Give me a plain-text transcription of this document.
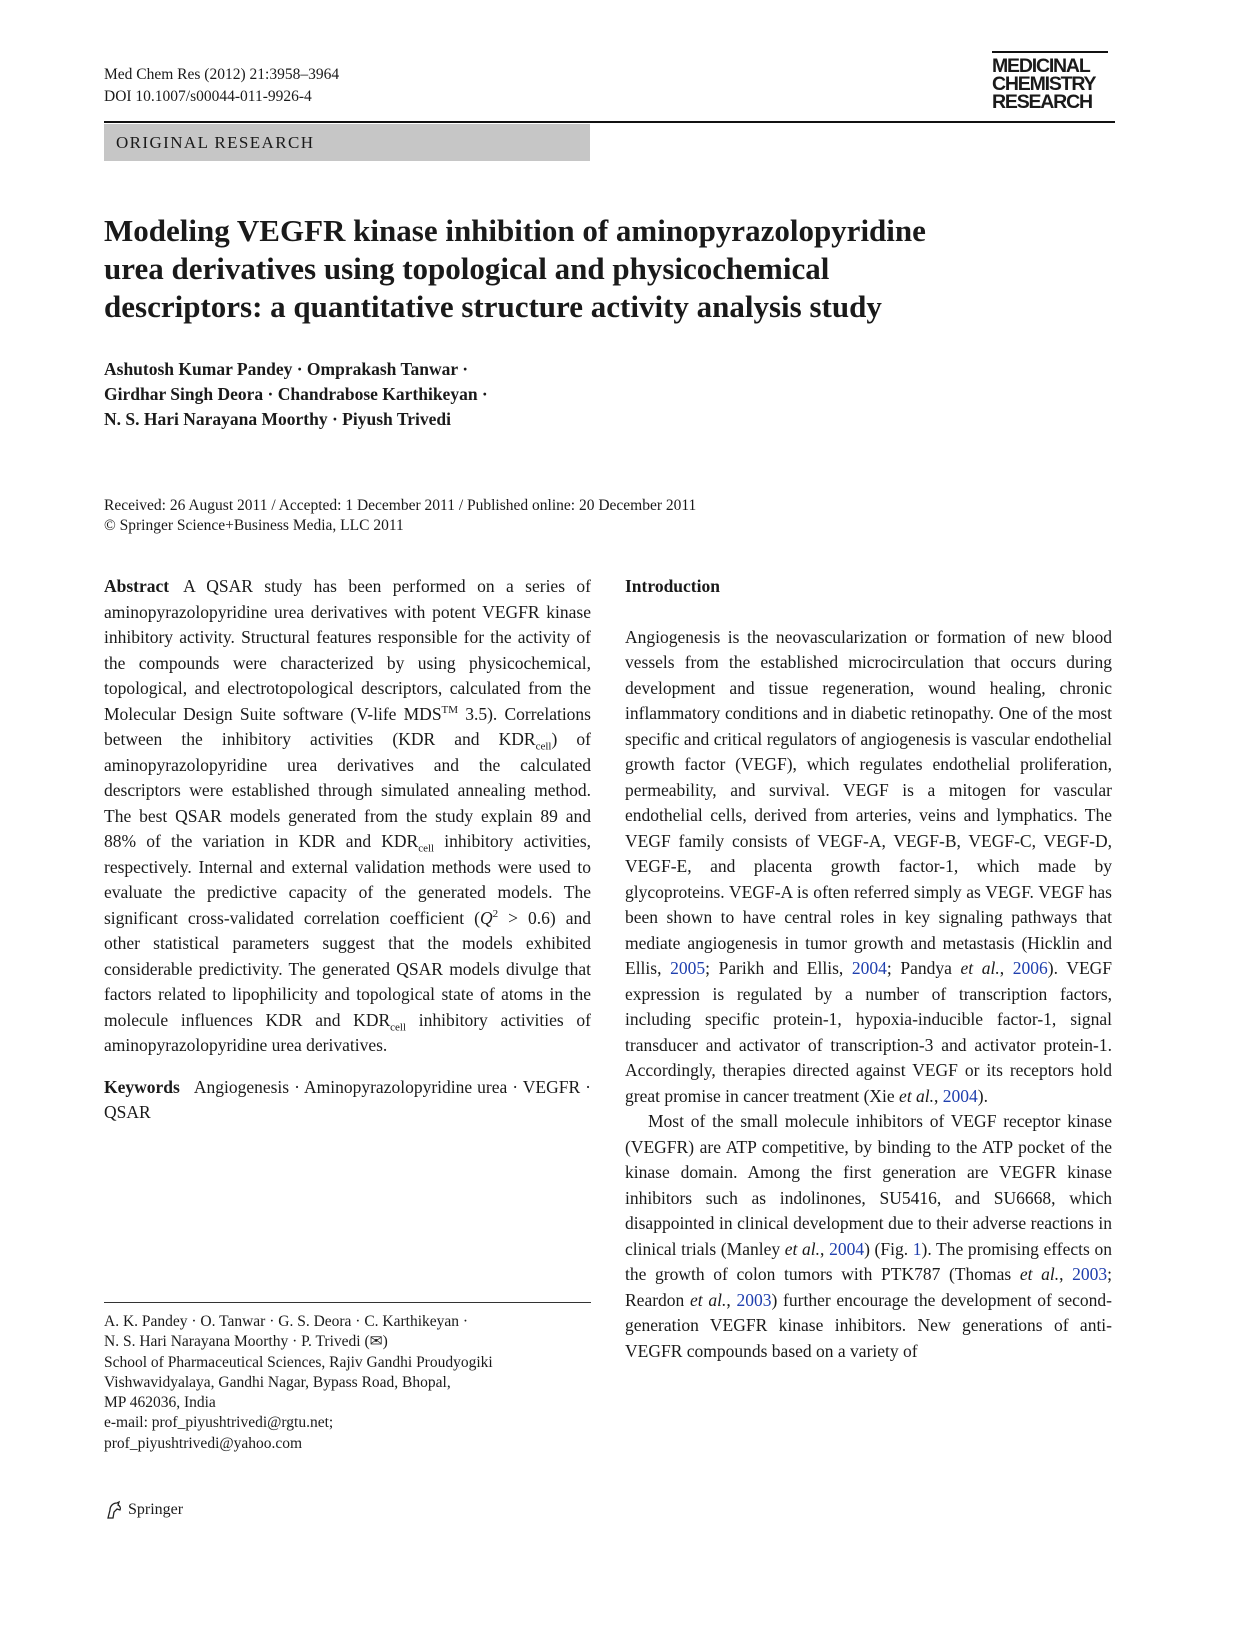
Med Chem Res (2012) 21:3958–3964
DOI 10.1007/s00044-011-9926-4
MEDICINAL
CHEMISTRY
RESEARCH
ORIGINAL RESEARCH
Modeling VEGFR kinase inhibition of aminopyrazolopyridine
urea derivatives using topological and physicochemical
descriptors: a quantitative structure activity analysis study
Ashutosh Kumar Pandey · Omprakash Tanwar ·
Girdhar Singh Deora · Chandrabose Karthikeyan ·
N. S. Hari Narayana Moorthy · Piyush Trivedi
Received: 26 August 2011 / Accepted: 1 December 2011 / Published online: 20 December 2011
© Springer Science+Business Media, LLC 2011

Abstract A QSAR study has been performed on a series of aminopyrazolopyridine urea derivatives with potent VEGFR kinase inhibitory activity. Structural features responsible for the activity of the compounds were characterized by using physicochemical, topological, and electrotopological descriptors, calculated from the Molecular Design Suite software (V-life MDS™ 3.5). Correlations between the inhibitory activities (KDR and $KDR_{cell}$) of aminopyrazolopyridine urea derivatives and the calculated descriptors were established through simulated annealing method. The best QSAR models generated from the study explain 89 and 88% of the variation in KDR and $KDR_{cell}$ inhibitory activities, respectively. Internal and external validation methods were used to evaluate the predictive capacity of the generated models. The significant cross-validated correlation coefficient $(Q^2 > 0.6)$ and other statistical parameters suggest that the models exhibited considerable predictivity. The generated QSAR models divulge that factors related to lipophilicity and topological state of atoms in the molecule influences KDR and $KDR_{cell}$ inhibitory activities of aminopyrazolopyridine urea derivatives.

Keywords Angiogenesis · Aminopyrazolopyridine urea · VEGFR · QSAR

A. K. Pandey · O. Tanwar · G. S. Deora · C. Karthikeyan ·
N. S. Hari Narayana Moorthy · P. Trivedi (✉)
School of Pharmaceutical Sciences, Rajiv Gandhi Proudyogiki
Vishwavidyalaya, Gandhi Nagar, Bypass Road, Bhopal,
MP 462036, India
e-mail: prof_piyushtrivedi@rgtu.net;
prof_piyushtrivedi@yahoo.com
Springer

Introduction

Angiogenesis is the neovascularization or formation of new blood vessels from the established microcirculation that occurs during development and tissue regeneration, wound healing, chronic inflammatory conditions and in diabetic retinopathy. One of the most specific and critical regulators of angiogenesis is vascular endothelial growth factor (VEGF), which regulates endothelial proliferation, permeability, and survival. VEGF is a mitogen for vascular endothelial cells, derived from arteries, veins and lymphatics. The VEGF family consists of VEGF-A, VEGF-B, VEGF-C, VEGF-D, VEGF-E, and placenta growth factor-1, which made by glycoproteins. VEGF-A is often referred simply as VEGF. VEGF has been shown to have central roles in key signaling pathways that mediate angiogenesis in tumor growth and metastasis (Hicklin and Ellis, 2005; Parikh and Ellis, 2004; Pandya et al., 2006). VEGF expression is regulated by a number of transcription factors, including specific protein-1, hypoxia-inducible factor-1, signal transducer and activator of transcription-3 and activator protein-1. Accordingly, therapies directed against VEGF or its receptors hold great promise in cancer treatment (Xie et al., 2004).

Most of the small molecule inhibitors of VEGF receptor kinase (VEGFR) are ATP competitive, by binding to the ATP pocket of the kinase domain. Among the first generation are VEGFR kinase inhibitors such as indolinones, SU5416, and SU6668, which disappointed in clinical development due to their adverse reactions in clinical trials (Manley et al., 2004) (Fig. 1). The promising effects on the growth of colon tumors with PTK787 (Thomas et al., 2003; Reardon et al., 2003) further encourage the development of second-generation VEGFR kinase inhibitors. New generations of anti-VEGFR compounds based on a variety of
